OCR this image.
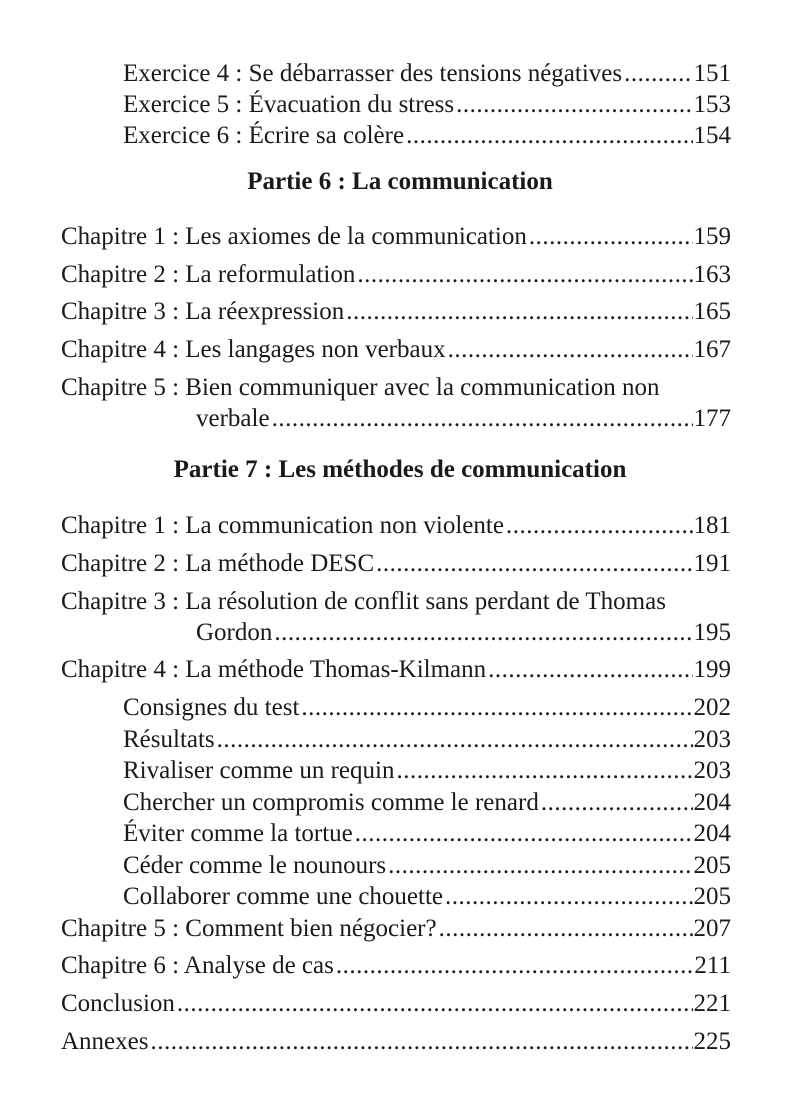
Exercice 4 : Se débarrasser des tensions négatives .....	151
Exercice 5 : Évacuation du stress .....	153
Exercice 6 : Écrire sa colère .....	154
Partie 6 : La communication
Chapitre 1 : Les axiomes de la communication .....	159
Chapitre 2 : La reformulation .....	163
Chapitre 3 : La réexpression .....	165
Chapitre 4 : Les langages non verbaux .....	167
Chapitre 5 : Bien communiquer avec la communication non
verbale .....	177
Partie 7 : Les méthodes de communication
Chapitre 1 : La communication non violente .....	181
Chapitre 2 : La méthode DESC .....	191
Chapitre 3 : La résolution de conflit sans perdant de Thomas
Gordon .....	195
Chapitre 4 : La méthode Thomas-Kilmann .....	199
Consignes du test .....	202
Résultats .....	203
Rivaliser comme un requin .....	203
Chercher un compromis comme le renard .....	204
Éviter comme la tortue .....	204
Céder comme le nounours .....	205
Collaborer comme une chouette .....	205
Chapitre 5 : Comment bien négocier? .....	207
Chapitre 6 : Analyse de cas .....	211
Conclusion .....	221
Annexes .....	225
